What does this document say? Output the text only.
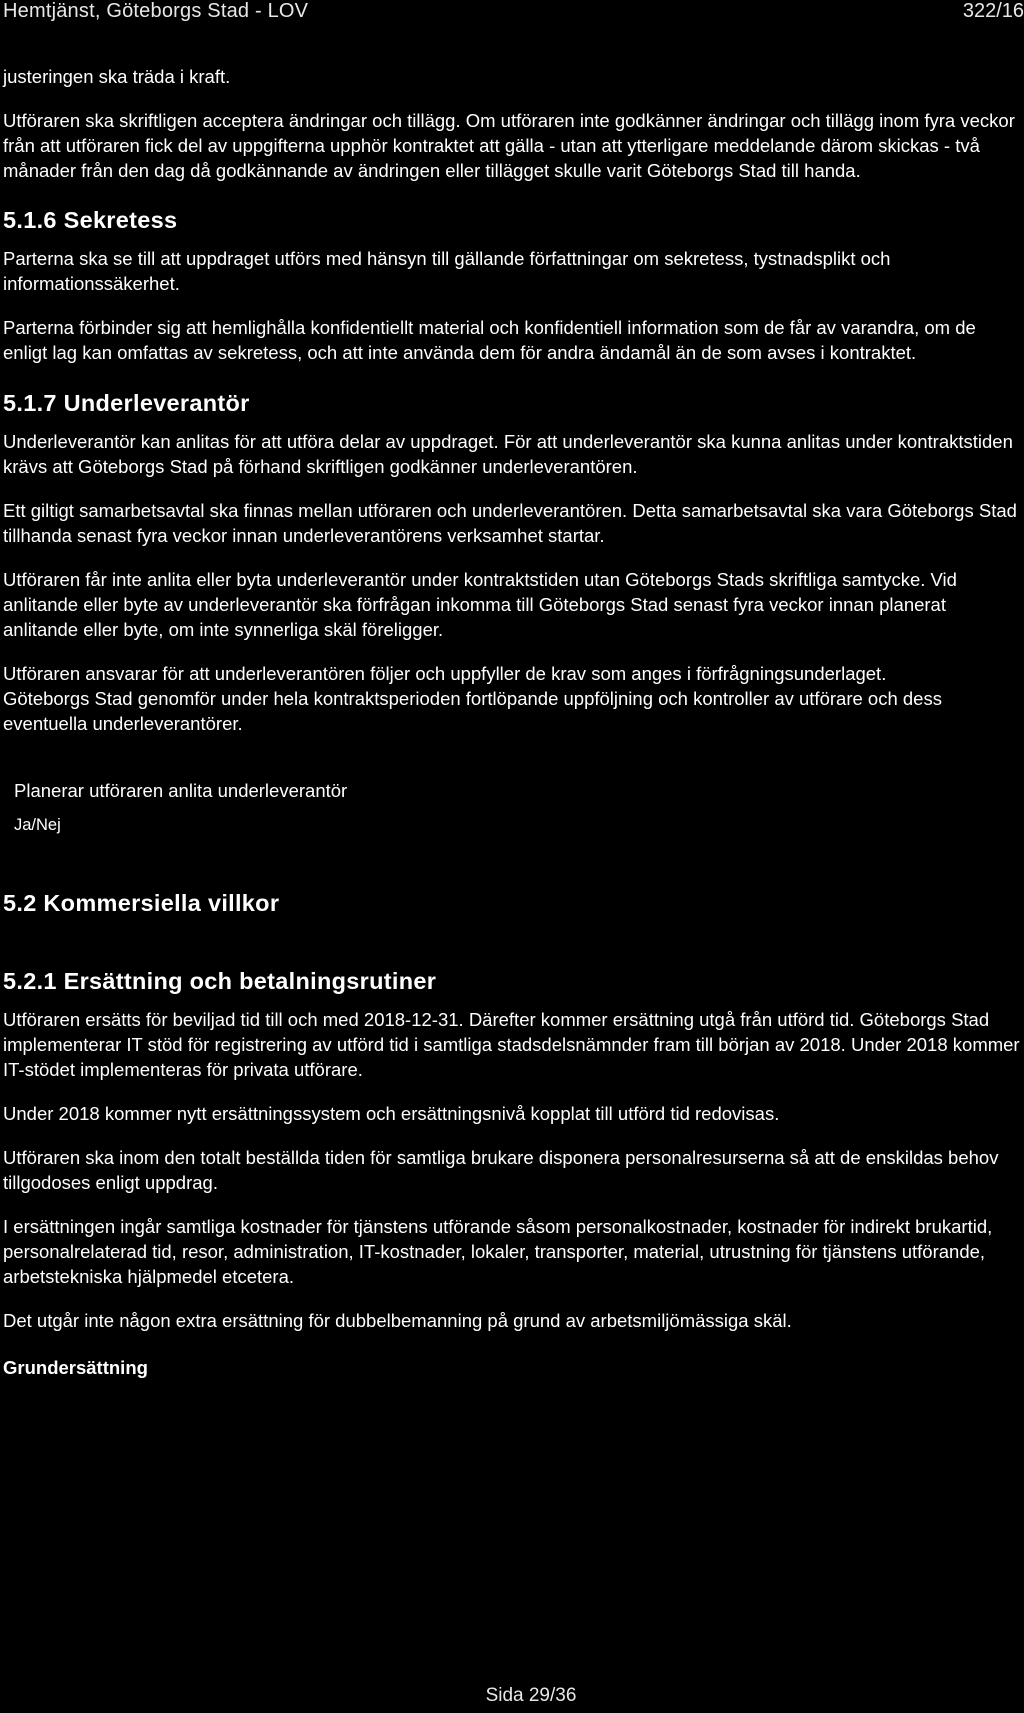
Hemtjänst, Göteborgs Stad - LOV	322/16

justeringen ska träda i kraft.

Utföraren ska skriftligen acceptera ändringar och tillägg. Om utföraren inte godkänner ändringar och tillägg inom fyra veckor från att utföraren fick del av uppgifterna upphör kontraktet att gälla - utan att ytterligare meddelande därom skickas - två månader från den dag då godkännande av ändringen eller tillägget skulle varit Göteborgs Stad till handa.

5.1.6 Sekretess

Parterna ska se till att uppdraget utförs med hänsyn till gällande författningar om sekretess, tystnadsplikt och informationssäkerhet.

Parterna förbinder sig att hemlighålla konfidentiellt material och konfidentiell information som de får av varandra, om de enligt lag kan omfattas av sekretess, och att inte använda dem för andra ändamål än de som avses i kontraktet.

5.1.7 Underleverantör

Underleverantör kan anlitas för att utföra delar av uppdraget. För att underleverantör ska kunna anlitas under kontraktstiden krävs att Göteborgs Stad på förhand skriftligen godkänner underleverantören.

Ett giltigt samarbetsavtal ska finnas mellan utföraren och underleverantören. Detta samarbetsavtal ska vara Göteborgs Stad tillhanda senast fyra veckor innan underleverantörens verksamhet startar.

Utföraren får inte anlita eller byta underleverantör under kontraktstiden utan Göteborgs Stads skriftliga samtycke. Vid anlitande eller byte av underleverantör ska förfrågan inkomma till Göteborgs Stad senast fyra veckor innan planerat anlitande eller byte, om inte synnerliga skäl föreligger.

Utföraren ansvarar för att underleverantören följer och uppfyller de krav som anges i förfrågningsunderlaget.

Göteborgs Stad genomför under hela kontraktsperioden fortlöpande uppföljning och kontroller av utförare och dess eventuella underleverantörer.

Planerar utföraren anlita underleverantör
Ja/Nej
5.2 Kommersiella villkor
5.2.1 Ersättning och betalningsrutiner

Utföraren ersätts för beviljad tid till och med 2018-12-31. Därefter kommer ersättning utgå från utförd tid. Göteborgs Stad implementerar IT stöd för registrering av utförd tid i samtliga stadsdelsnämnder fram till början av 2018. Under 2018 kommer IT-stödet implementeras för privata utförare.

Under 2018 kommer nytt ersättningssystem och ersättningsnivå kopplat till utförd tid redovisas.

Utföraren ska inom den totalt beställda tiden för samtliga brukare disponera personalresurserna så att de enskildas behov tillgodoses enligt uppdrag.

I ersättningen ingår samtliga kostnader för tjänstens utförande såsom personalkostnader, kostnader för indirekt brukartid, personalrelaterad tid, resor, administration, IT-kostnader, lokaler, transporter, material, utrustning för tjänstens utförande, arbetstekniska hjälpmedel etcetera.

Det utgår inte någon extra ersättning för dubbelbemanning på grund av arbetsmiljömässiga skäl.

Grundersättning
Sida 29/36
